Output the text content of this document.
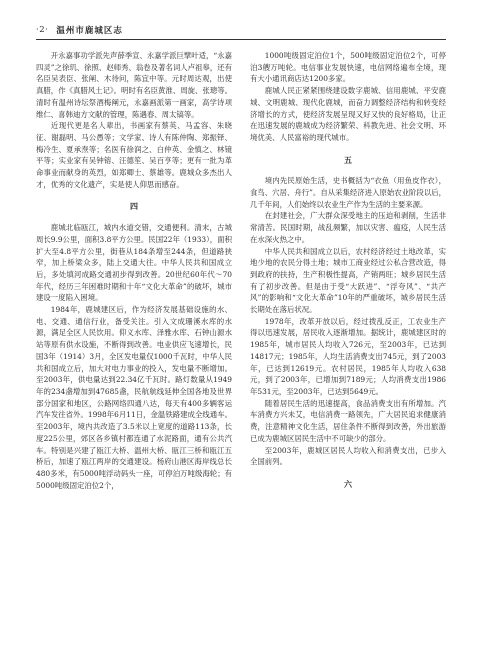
·2· 温州市鹿城区志

开永嘉事功学派先声薛季宣、永嘉学派巨擘叶适，“永嘉四灵”之徐玑、徐照、赵师秀、翁卷及著名词人卢祖皋，还有名臣吴表臣、张阐、木待问，陈宜中等。元时周达观，出使真腊，作《真腊风土记》。明时有名臣黄淮、周旋、张璁等。清时有温州诗坛祭酒梅阐元，永嘉画派第一画家，高学诗项维仁、喜韩迪方文献的管理，陈遇春、周太镐等。

近现代更是名人辈出，书画家有蔡英、马孟容、朱晓征、谢磊明、马公愚等；文学家、诗人有陈仲陶、郑振铎、梅冷生、夏承焘等；名医有徐润之、白仲英、金慎之、林镜平等；实业家有吴钟镕、汪德笙、吴百亨等；更有一批为革命事业而献身的英烈，如郑卿士、蔡雄等。鹿城众多杰出人才，优秀的文化遗产，实是使人仰思而感奋。

四

鹿城北临瓯江，城内水道交错，交通便利。清末，古城周长9.9公里，面积3.8平方公里。民国22年（1933），面积扩大至4.8平方公里，街巷从184条增至244条，但道路狭窄，加上桥梁众多，陆上交通大往。中华人民共和国成立后，多处填河成路交通初步得到改善。20世纪60年代～70年代，经历三年困难时期和十年“文化大革命”的破坏，城市建设一度陷入困境。

1984年，鹿城建区后，作为经济发展基础设施的水、电、交通、通信行业，备受关注。引入文成珊溪水库的水源，满足全区人民饮用。仰义水库、泽雅水库、石钟山源水站等原有供水设施，不断得到改善。电业供应飞速增长，民国3年（1914）3月，全区发电量仅1000千瓦时，中华人民共和国成立后，加大对电力事业的投入，发电量不断增加。至2003年，供电量达到22.34亿千瓦时。路灯数量从1949年的234盏增加到47685盏，民航航线延伸全国各地及世界部分国家和地区，公路网络四通八达，每天有400多辆客运汽车发往省外。1998年6月11日，金温铁路建成全线通车。至2003年，境内共改造了3.5米以上宽度的道路113条，长度225公里，郊区各乡镇村都连通了水泥路面，通有公共汽车。特别是兴建了瓯江大桥、温州大桥、瓯江三桥和瓯江五桥后，加速了瓯江两岸的交通建设。杨府山港区海岸线总长480多米，有5000吨浮动码头一座，可停泊万吨级海轮；有5000吨级固定泊位2个，

1000吨级固定泊位1个，500吨级固定泊位2个，可停泊3艘万吨轮。电信事业发展快速，电信网络遍布全境，现有大小通讯商店达1200多家。

鹿城人民正紧紧围绕建设数字鹿城、信用鹿城、平安鹿城、文明鹿城、现代化鹿城，而奋力调整经济结构和转变经济增长的方式，使经济发展呈现又好又快的良好格局，让正在迅速发展的鹿城成为经济繁荣、科教先进、社会文明、环境优美、人民富裕的现代城市。

五

境内先民原始生活，史书概括为“衣鱼（用鱼皮作衣），食鸟、穴居、舟行”。自从采集经济进入原始农业阶段以后，几千年间，人们始终以农业生产作为生活的主要来源。

在封建社会，广大群众深受地主的压迫和剥削，生活非常清苦。民国时期，战乱频繁，加以灾害、瘟疫，人民生活在水深火热之中。

中华人民共和国成立以后，农村经济经过土地改革，实地少地的农民分得土地；城市工商业经过公私合营改造，得到政府的扶持，生产积极性提高，产销两旺；城乡居民生活有了初步改善。但是由于受“大跃进”、“浮夸风”、“共产风”的影响和“文化大革命”10年的严重破坏，城乡居民生活长期处在落后状况。

1978年，改革开放以后，经过拨乱反正，工农业生产得以迅速发展，居民收入逐渐增加。据统计，鹿城建区时的1985年，城市居民人均收入726元，至2003年，已达到14817元；1985年，人均生活消费支出745元，到了2003年，已达到12619元。农村居民，1985年人均收入638元，到了2003年，已增加到7189元；人均消费支出1986年531元，至2003年，已达到5649元。

随着居民生活的迅速提高，食品消费支出有所增加。汽车消费方兴未艾，电信消费一路领先，广大居民追求健康消费，注意精神文化生活，居住条件不断得到改善，外出旅游已成为鹿城区居民生活中不可缺少的部分。

至2003年，鹿城区居民人均收入和消费支出，已步入全国前列。

六
